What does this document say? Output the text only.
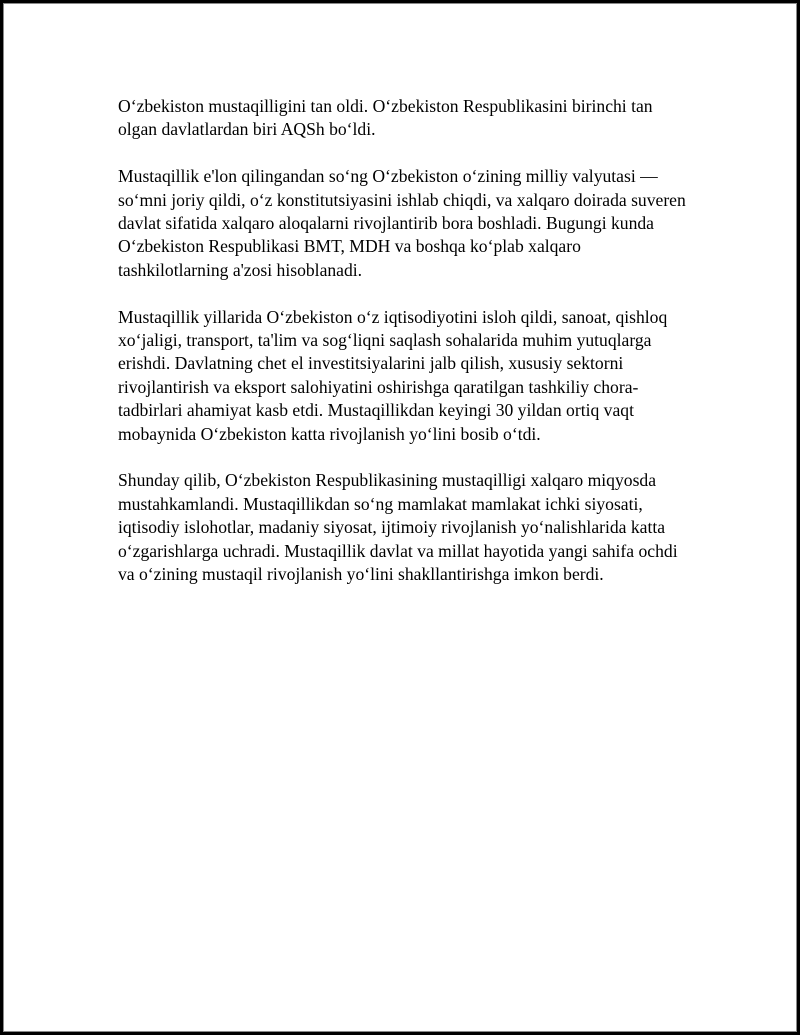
O‘zbekiston mustaqilligini tan oldi. O‘zbekiston Respublikasini birinchi tan olgan davlatlardan biri AQSh bo‘ldi.

Mustaqillik e'lon qilingandan so‘ng O‘zbekiston o‘zining milliy valyutasi — so‘mni joriy qildi, o‘z konstitutsiyasini ishlab chiqdi, va xalqaro doirada suveren davlat sifatida xalqaro aloqalarni rivojlantirib bora boshladi. Bugungi kunda O‘zbekiston Respublikasi BMT, MDH va boshqa ko‘plab xalqaro tashkilotlarning a'zosi hisoblanadi.

Mustaqillik yillarida O‘zbekiston o‘z iqtisodiyotini isloh qildi, sanoat, qishloq xo‘jaligi, transport, ta'lim va sog‘liqni saqlash sohalarida muhim yutuqlarga erishdi. Davlatning chet el investitsiyalarini jalb qilish, xususiy sektorni rivojlantirish va eksport salohiyatini oshirishga qaratilgan tashkiliy chora-tadbirlari ahamiyat kasb etdi. Mustaqillikdan keyingi 30 yildan ortiq vaqt mobaynida O‘zbekiston katta rivojlanish yo‘lini bosib o‘tdi.

Shunday qilib, O‘zbekiston Respublikasining mustaqilligi xalqaro miqyosda mustahkamlandi. Mustaqillikdan so‘ng mamlakat mamlakat ichki siyosati, iqtisodiy islohotlar, madaniy siyosat, ijtimoiy rivojlanish yo‘nalishlarida katta o‘zgarishlarga uchradi. Mustaqillik davlat va millat hayotida yangi sahifa ochdi va o‘zining mustaqil rivojlanish yo‘lini shakllantirishga imkon berdi.
